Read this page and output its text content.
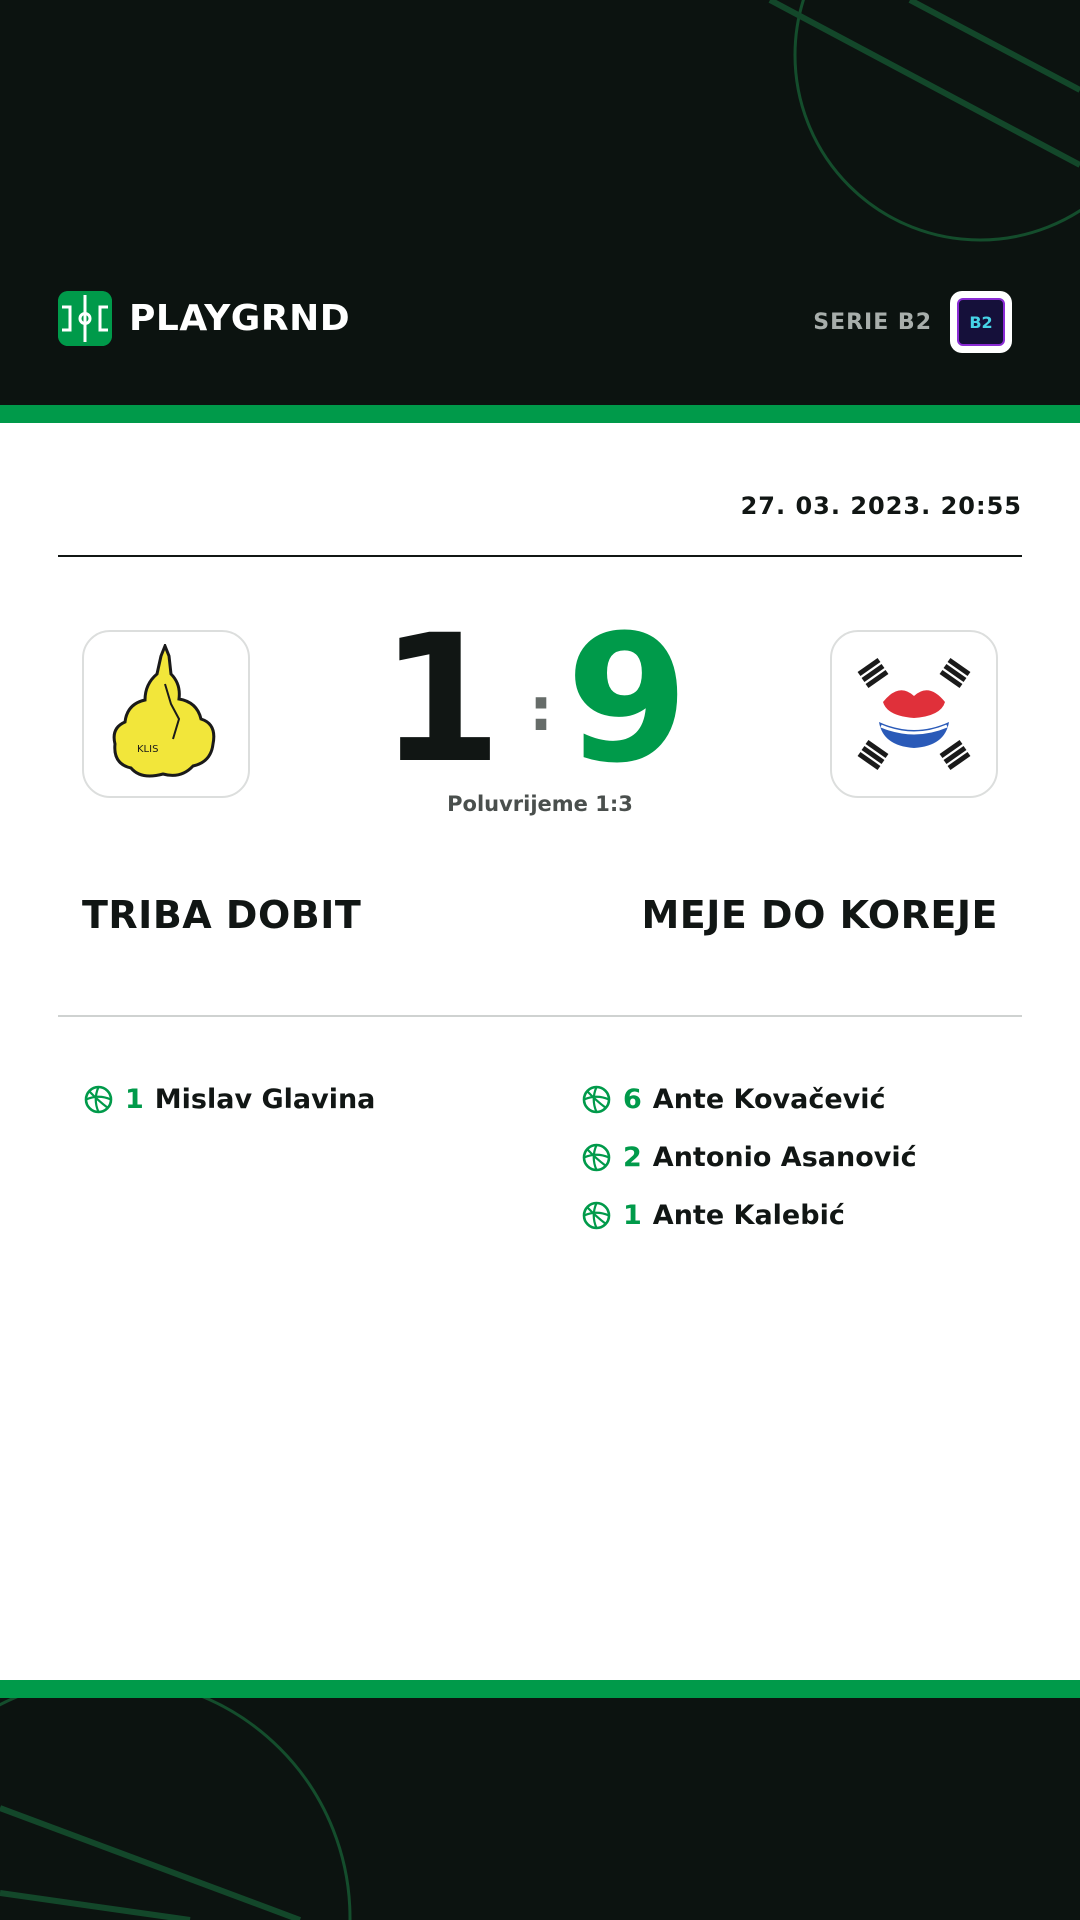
PLAYGRND	SERIE B2	B2
27. 03. 2023. 20:55
KLIS 1 : 9
Poluvrijeme 1:3
TRIBA DOBIT	MEJE DO KOREJE
1 Mislav Glavina	6 Ante Kovačević
2 Antonio Asanović
1 Ante Kalebić
